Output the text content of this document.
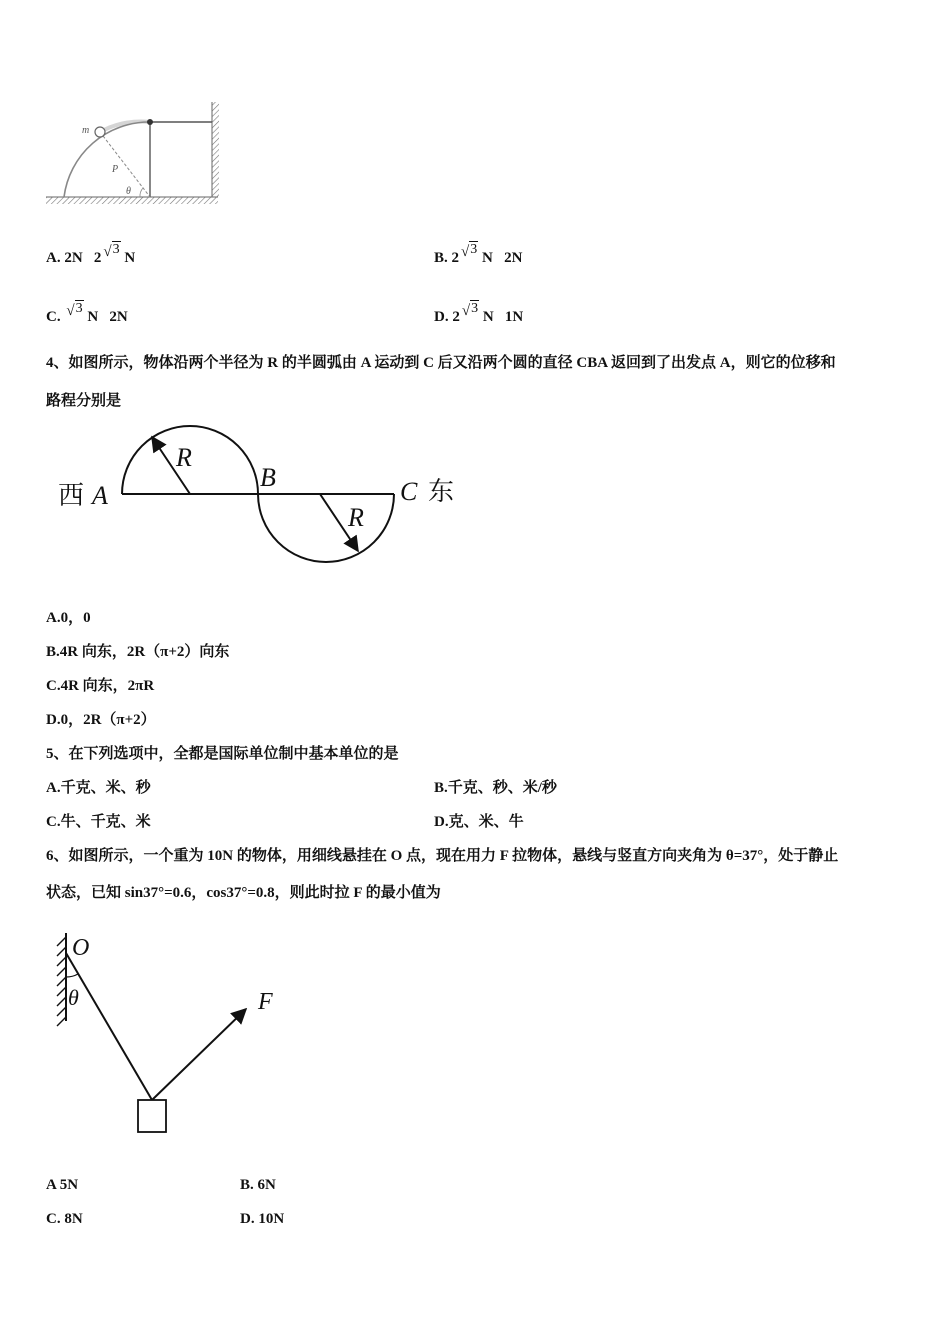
m
P
θ
A. 2N 2 √3 N	B. 2 √3 N 2N
C. √3 N 2N	D. 2 √3 N 1N
4、如图所示，物体沿两个半径为 R 的半圆弧由 A 运动到 C 后又沿两个圆的直径 CBA 返回到了出发点 A，则它的位移和
路程分别是
西 A
B	C 东
R
R
A.0，0
B.4R 向东，2R（π+2）向东
C.4R 向东，2πR
D.0，2R（π+2）
5、在下列选项中，全都是国际单位制中基本单位的是
A.千克、米、秒	B.千克、秒、米/秒
C.牛、千克、米	D.克、米、牛
6、如图所示，一个重为 10N 的物体，用细线悬挂在 O 点，现在用力 F 拉物体，悬线与竖直方向夹角为 θ=37°，处于静止
状态，已知 sin37°=0.6，cos37°=0.8，则此时拉 F 的最小值为
O
θ	F
A 5N	B. 6N
C. 8N	D. 10N
